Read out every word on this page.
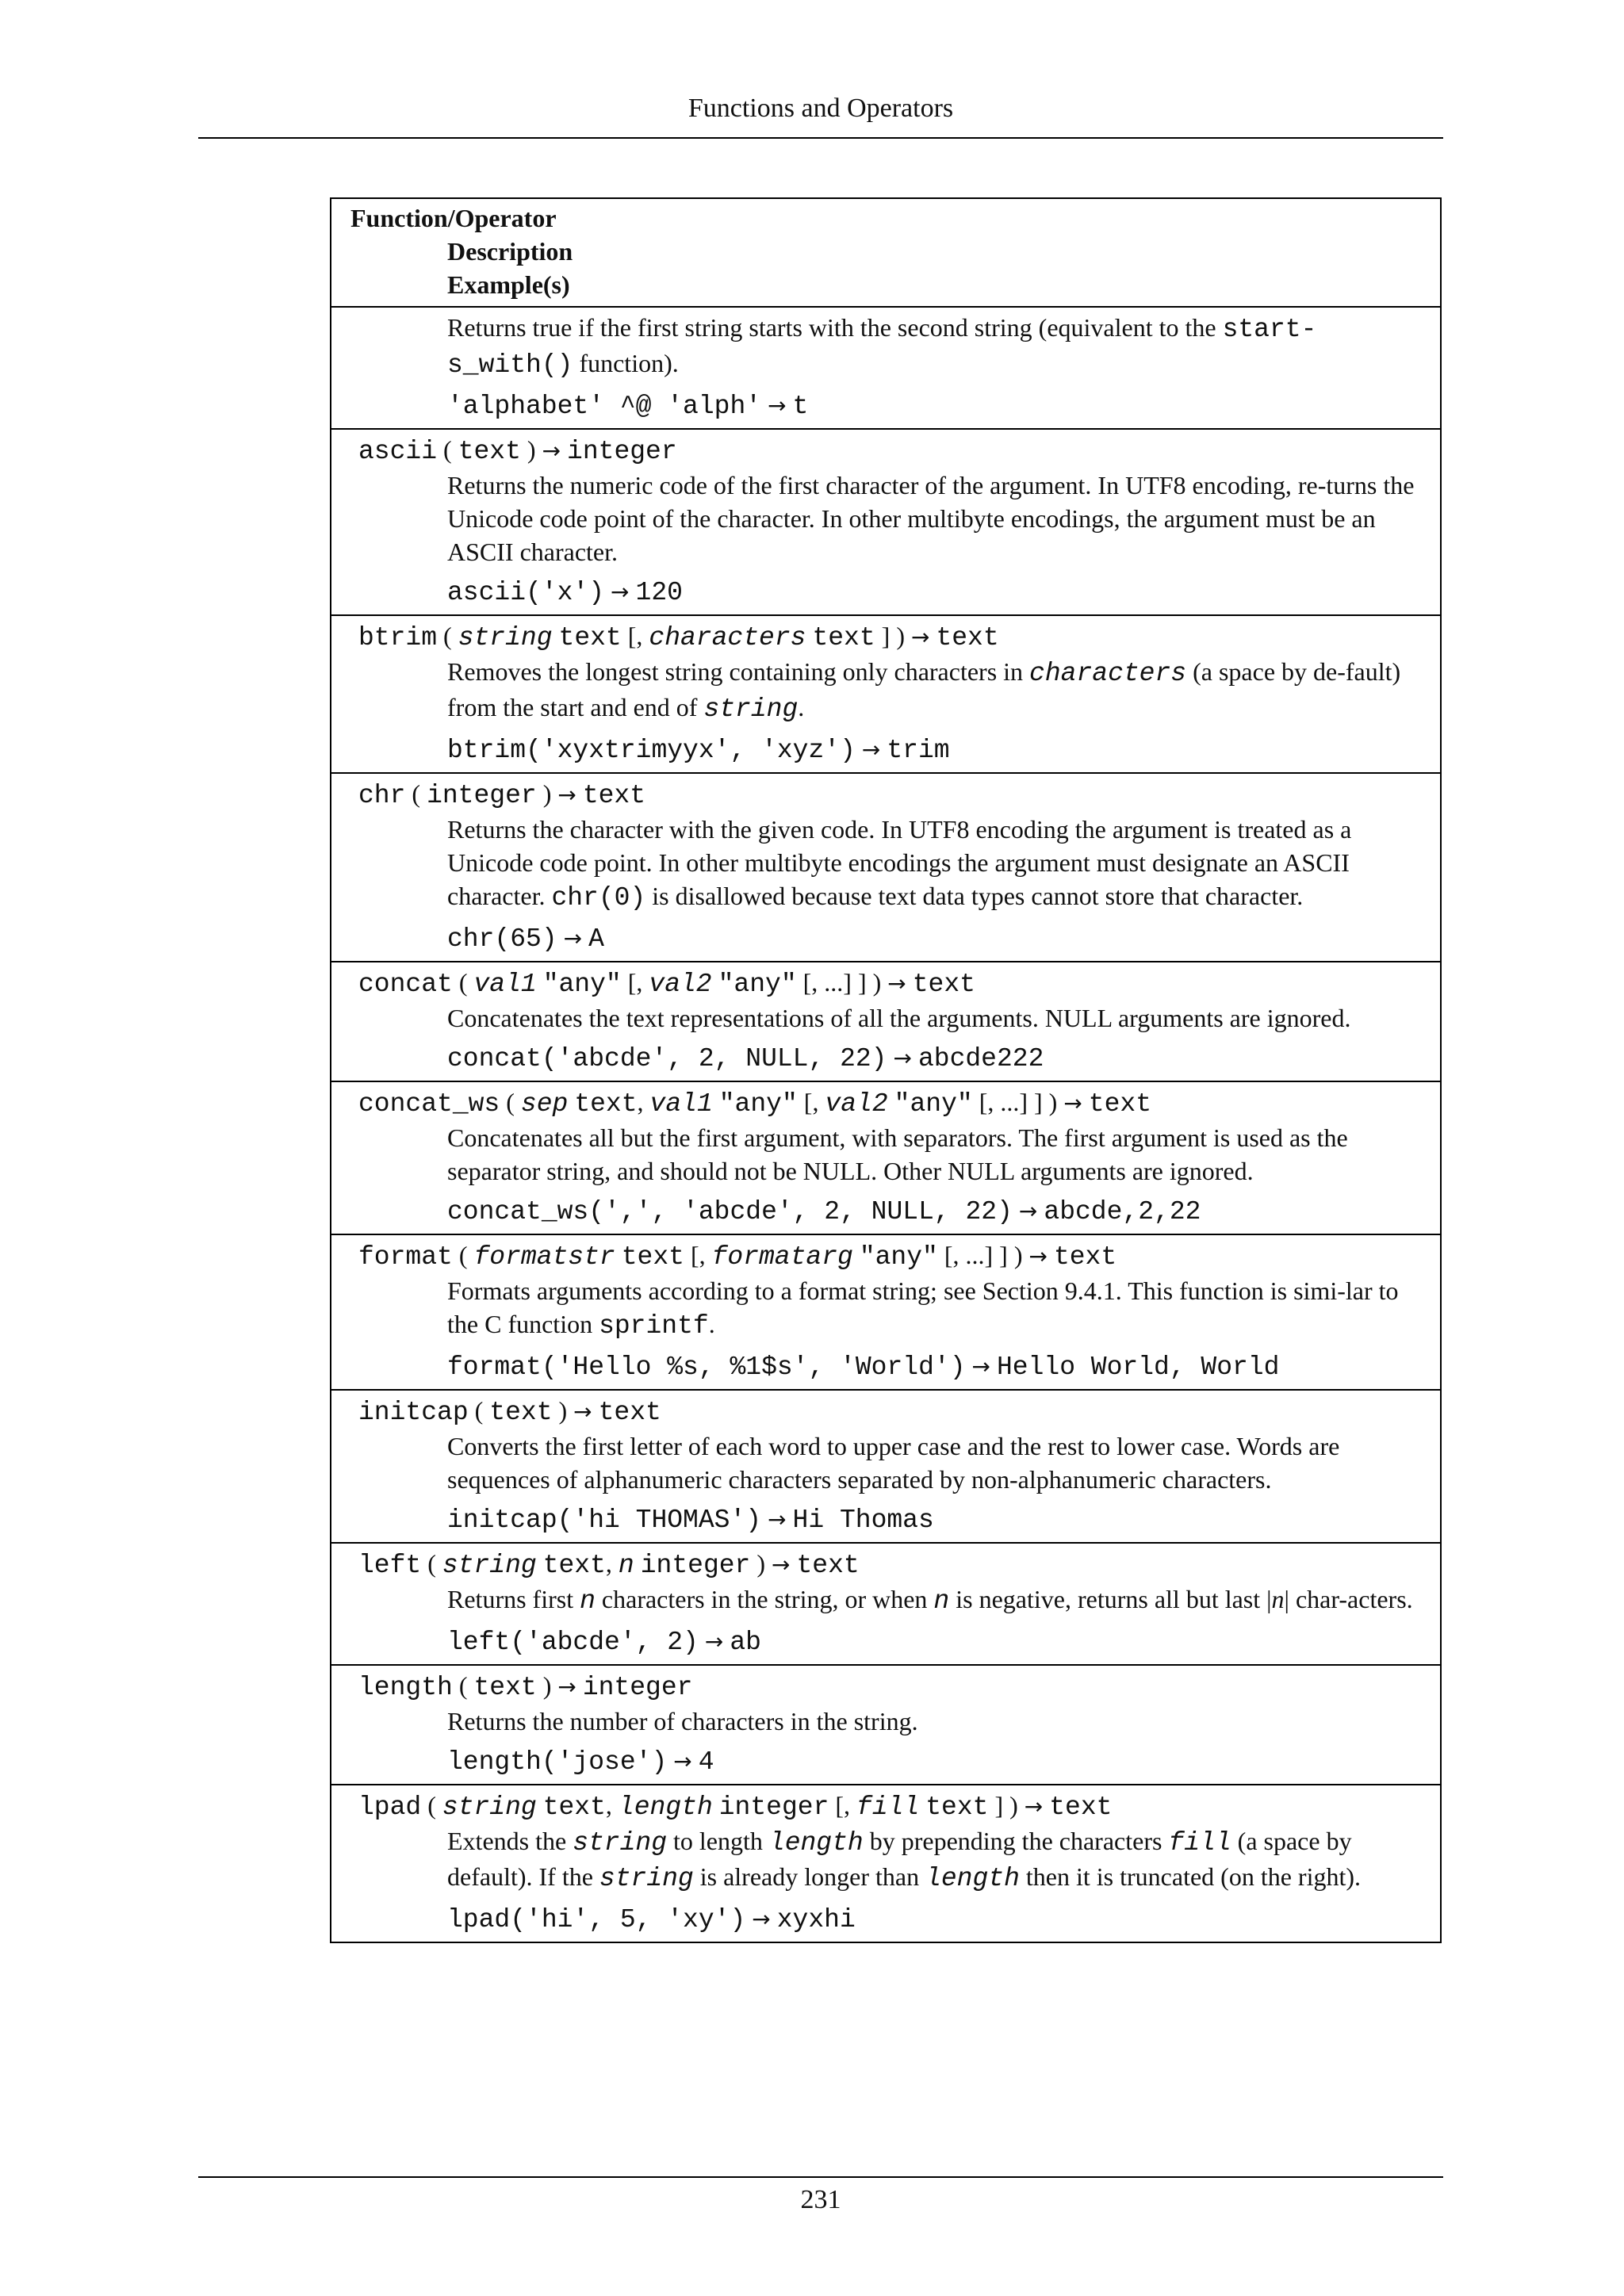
Functions and Operators
Function/Operator
Description
Example(s)
Returns true if the first string starts with the second string (equivalent to the start-s_with() function).
'alphabet' ^@ 'alph' → t
ascii ( text ) → integer
Returns the numeric code of the first character of the argument. In UTF8 encoding, re-turns the Unicode code point of the character. In other multibyte encodings, the argument must be an ASCII character.
ascii('x') → 120
btrim ( string text [, characters text ] ) → text
Removes the longest string containing only characters in characters (a space by de-fault) from the start and end of string.
btrim('xyxtrimyyx', 'xyz') → trim
chr ( integer ) → text
Returns the character with the given code. In UTF8 encoding the argument is treated as a Unicode code point. In other multibyte encodings the argument must designate an ASCII character. chr(0) is disallowed because text data types cannot store that character.
chr(65) → A
concat ( val1 "any" [, val2 "any" [, ...] ] ) → text
Concatenates the text representations of all the arguments. NULL arguments are ignored.
concat('abcde', 2, NULL, 22) → abcde222
concat_ws ( sep text, val1 "any" [, val2 "any" [, ...] ] ) → text
Concatenates all but the first argument, with separators. The first argument is used as the separator string, and should not be NULL. Other NULL arguments are ignored.
concat_ws(',', 'abcde', 2, NULL, 22) → abcde,2,22
format ( formatstr text [, formatarg "any" [, ...] ] ) → text
Formats arguments according to a format string; see Section 9.4.1. This function is simi-lar to the C function sprintf.
format('Hello %s, %1$s', 'World') → Hello World, World
initcap ( text ) → text
Converts the first letter of each word to upper case and the rest to lower case. Words are sequences of alphanumeric characters separated by non-alphanumeric characters.
initcap('hi THOMAS') → Hi Thomas
left ( string text, n integer ) → text
Returns first n characters in the string, or when n is negative, returns all but last |n| char-acters.
left('abcde', 2) → ab
length ( text ) → integer
Returns the number of characters in the string.
length('jose') → 4
lpad ( string text, length integer [, fill text ] ) → text
Extends the string to length length by prepending the characters fill (a space by default). If the string is already longer than length then it is truncated (on the right).
lpad('hi', 5, 'xy') → xyxhi
231
